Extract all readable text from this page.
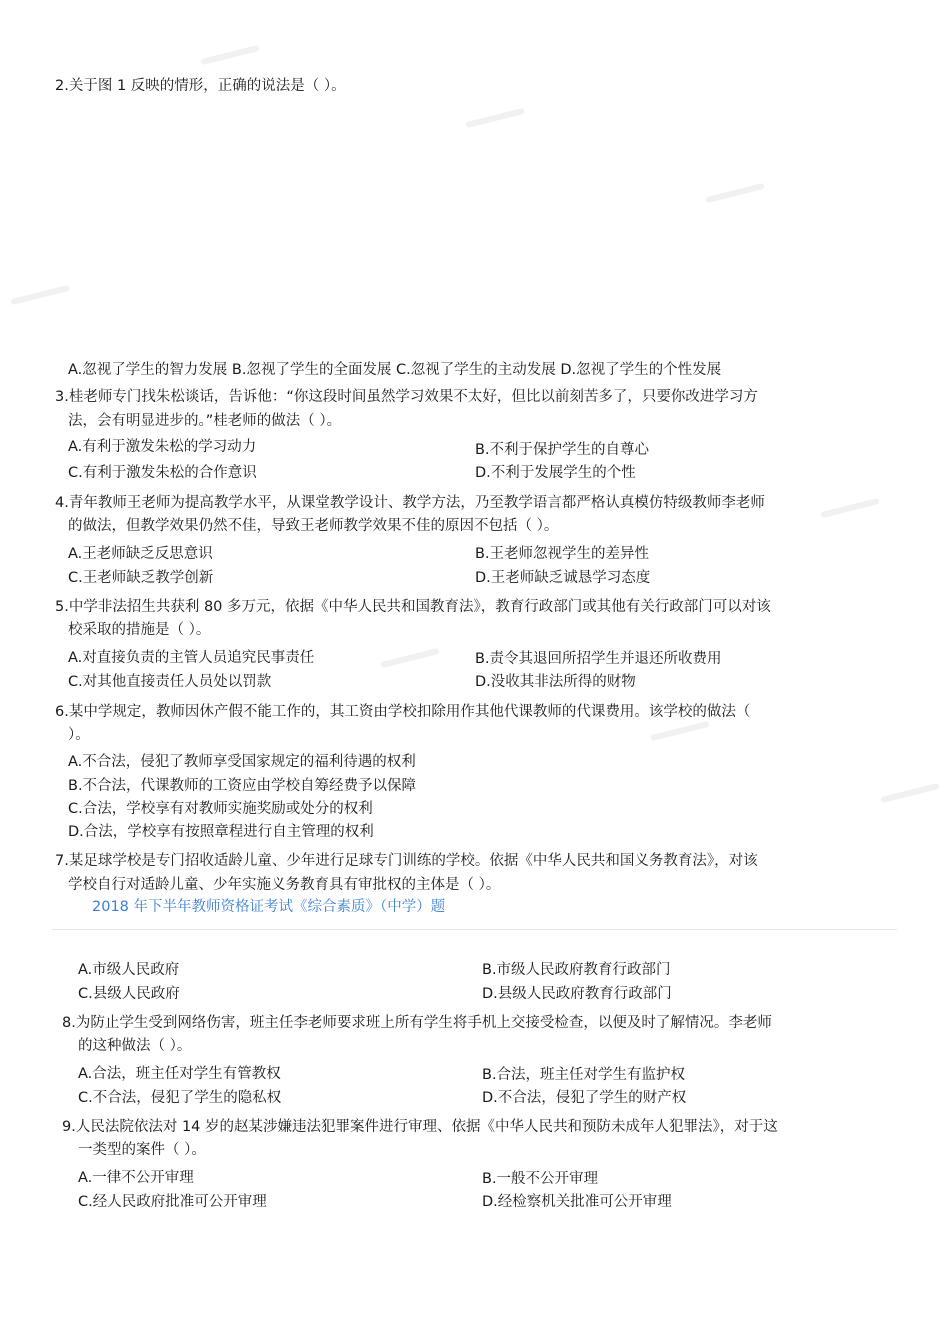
2.关于图 1 反映的情形，正确的说法是（ ）。
A.忽视了学生的智力发展 B.忽视了学生的全面发展 C.忽视了学生的主动发展 D.忽视了学生的个性发展
3.桂老师专门找朱松谈话，告诉他：“你这段时间虽然学习效果不太好，但比以前刻苦多了，只要你改进学习方
法，会有明显进步的。”桂老师的做法（ ）。
A.有利于激发朱松的学习动力	B.不利于保护学生的自尊心
C.有利于激发朱松的合作意识	D.不利于发展学生的个性
4.青年教师王老师为提高教学水平，从课堂教学设计、教学方法，乃至教学语言都严格认真模仿特级教师李老师
的做法，但教学效果仍然不佳，导致王老师教学效果不佳的原因不包括（ ）。
A.王老师缺乏反思意识	B.王老师忽视学生的差异性
C.王老师缺乏教学创新	D.王老师缺乏诚恳学习态度
5.中学非法招生共获利 80 多万元，依据《中华人民共和国教育法》，教育行政部门或其他有关行政部门可以对该
校采取的措施是（ ）。
A.对直接负责的主管人员追究民事责任	B.责令其退回所招学生并退还所收费用
C.对其他直接责任人员处以罚款	D.没收其非法所得的财物
6.某中学规定，教师因休产假不能工作的，其工资由学校扣除用作其他代课教师的代课费用。该学校的做法（
）。
A.不合法，侵犯了教师享受国家规定的福利待遇的权利
B.不合法，代课教师的工资应由学校自筹经费予以保障
C.合法，学校享有对教师实施奖励或处分的权利
D.合法，学校享有按照章程进行自主管理的权利
7.某足球学校是专门招收适龄儿童、少年进行足球专门训练的学校。依据《中华人民共和国义务教育法》，对该
学校自行对适龄儿童、少年实施义务教育具有审批权的主体是（ ）。
2018 年下半年教师资格证考试《综合素质》（中学）题
A.市级人民政府	B.市级人民政府教育行政部门
C.县级人民政府	D.县级人民政府教育行政部门
8.为防止学生受到网络伤害，班主任李老师要求班上所有学生将手机上交接受检查，以便及时了解情况。李老师
的这种做法（ ）。
A.合法，班主任对学生有管教权	B.合法，班主任对学生有监护权
C.不合法，侵犯了学生的隐私权	D.不合法，侵犯了学生的财产权
9.人民法院依法对 14 岁的赵某涉嫌违法犯罪案件进行审理、依据《中华人民共和预防未成年人犯罪法》，对于这
一类型的案件（ ）。
A.一律不公开审理	B.一般不公开审理
C.经人民政府批准可公开审理	D.经检察机关批准可公开审理
